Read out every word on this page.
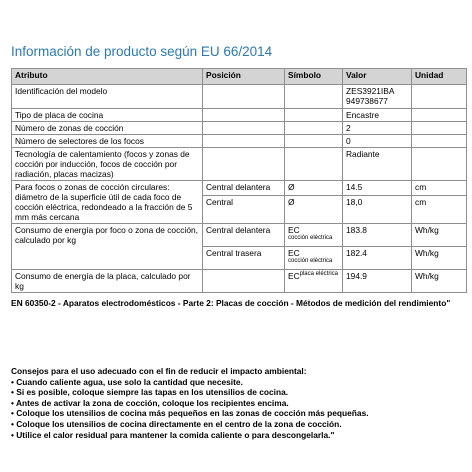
Información de producto según EU 66/2014
Atributo	Posición	Símbolo	Valor	Unidad
Identificación del modelo			ZES3921IBA 949738677	
Tipo de placa de cocina			Encastre	
Número de zonas de cocción			2	
Número de selectores de los focos			0	
Tecnología de calentamiento (focos y zonas de cocción por inducción, focos de cocción por radiación, placas macizas)			Radiante	
Para focos o zonas de cocción circulares: diámetro de la superficie útil de cada foco de cocción eléctrica, redondeado a la fracción de 5 mm más cercana	Central delantera	Ø	14.5	cm
	Central	Ø	18,0	cm
Consumo de energía por foco o zona de cocción, calculado por kg	Central delantera	ECcocción eléctrica	183.8	Wh/kg
	Central trasera	ECcocción eléctrica	182.4	Wh/kg
Consumo de energía de la placa, calculado por kg		ECplaca eléctrica	194.9	Wh/kg
EN 60350-2 - Aparatos electrodomésticos - Parte 2: Placas de cocción - Métodos de medición del rendimiento"
Consejos para el uso adecuado con el fin de reducir el impacto ambiental:
• Cuando caliente agua, use solo la cantidad que necesite.
• Si es posible, coloque siempre las tapas en los utensilios de cocina.
• Antes de activar la zona de cocción, coloque los recipientes encima.
• Coloque los utensilios de cocina más pequeños en las zonas de cocción más pequeñas.
• Coloque los utensilios de cocina directamente en el centro de la zona de cocción.
• Utilice el calor residual para mantener la comida caliente o para descongelarla."
